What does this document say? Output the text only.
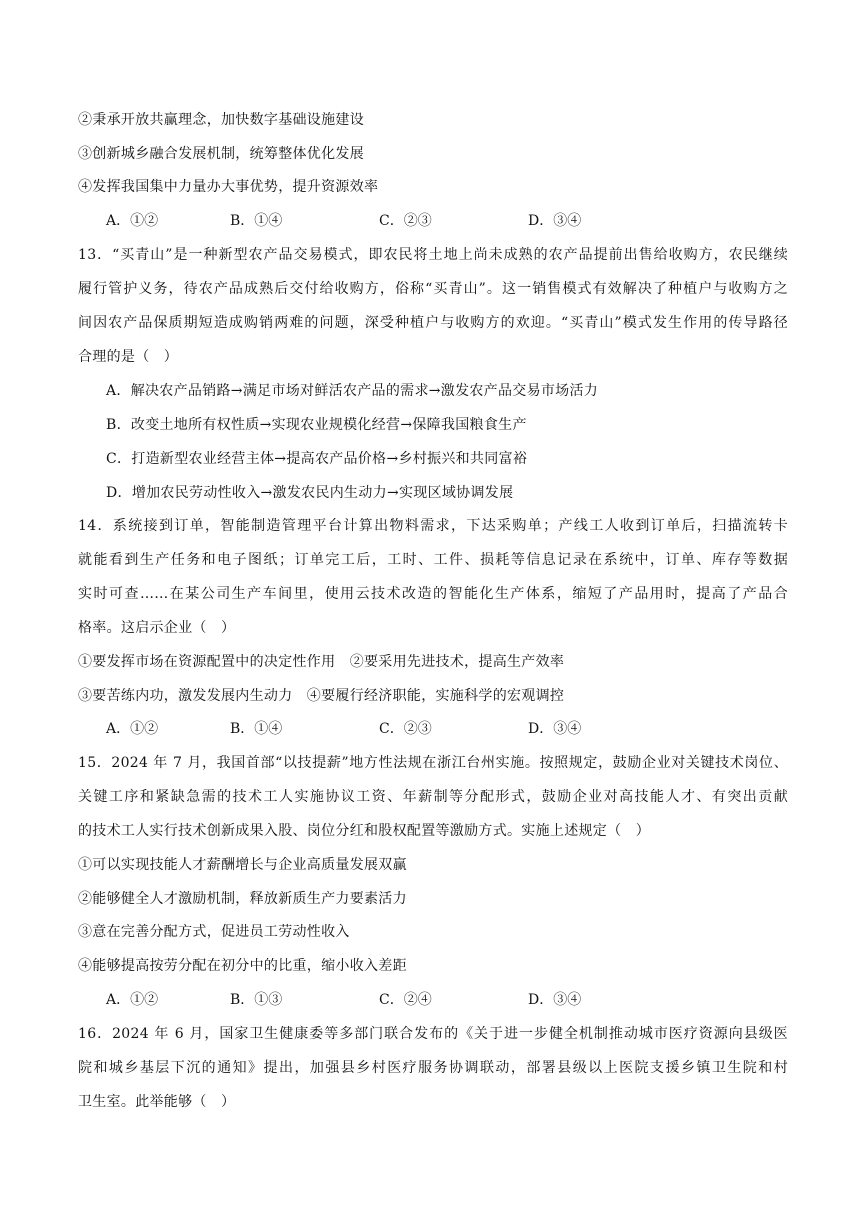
②秉承开放共赢理念，加快数字基础设施建设
③创新城乡融合发展机制，统筹整体优化发展
④发挥我国集中力量办大事优势，提升资源效率
A．①②	B．①④	C．②③	D．③④
13．“买青山”是一种新型农产品交易模式，即农民将土地上尚未成熟的农产品提前出售给收购方，农民继续
履行管护义务，待农产品成熟后交付给收购方，俗称“买青山”。这一销售模式有效解决了种植户与收购方之
间因农产品保质期短造成购销两难的问题，深受种植户与收购方的欢迎。“买青山”模式发生作用的传导路径
合理的是（　）
A．解决农产品销路→满足市场对鲜活农产品的需求→激发农产品交易市场活力
B．改变土地所有权性质→实现农业规模化经营→保障我国粮食生产
C．打造新型农业经营主体→提高农产品价格→乡村振兴和共同富裕
D．增加农民劳动性收入→激发农民内生动力→实现区域协调发展
14．系统接到订单，智能制造管理平台计算出物料需求，下达采购单；产线工人收到订单后，扫描流转卡
就能看到生产任务和电子图纸；订单完工后，工时、工件、损耗等信息记录在系统中，订单、库存等数据
实时可查……在某公司生产车间里，使用云技术改造的智能化生产体系，缩短了产品用时，提高了产品合
格率。这启示企业（　）
①要发挥市场在资源配置中的决定性作用　②要采用先进技术，提高生产效率
③要苦练内功，激发发展内生动力　④要履行经济职能，实施科学的宏观调控
A．①②	B．①④	C．②③	D．③④
15．2024 年 7 月，我国首部“以技提薪”地方性法规在浙江台州实施。按照规定，鼓励企业对关键技术岗位、
关键工序和紧缺急需的技术工人实施协议工资、年薪制等分配形式，鼓励企业对高技能人才、有突出贡献
的技术工人实行技术创新成果入股、岗位分红和股权配置等激励方式。实施上述规定（　）
①可以实现技能人才薪酬增长与企业高质量发展双赢
②能够健全人才激励机制，释放新质生产力要素活力
③意在完善分配方式，促进员工劳动性收入
④能够提高按劳分配在初分中的比重，缩小收入差距
A．①②	B．①③	C．②④	D．③④
16．2024 年 6 月，国家卫生健康委等多部门联合发布的《关于进一步健全机制推动城市医疗资源向县级医
院和城乡基层下沉的通知》提出，加强县乡村医疗服务协调联动，部署县级以上医院支援乡镇卫生院和村
卫生室。此举能够（　）
